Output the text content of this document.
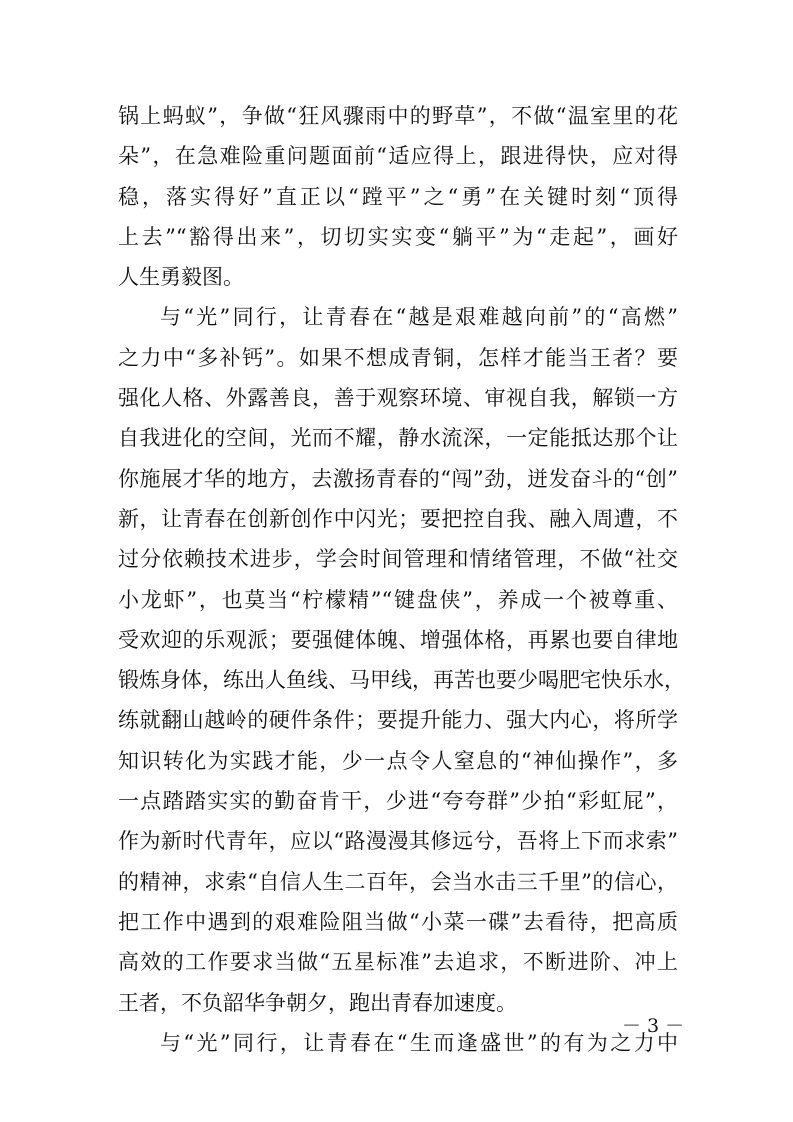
锅上蚂蚁”，争做“狂风骤雨中的野草”，不做“温室里的花
朵”，在急难险重问题面前“适应得上，跟进得快，应对得
稳，落实得好”直正以“蹚平”之“勇”在关键时刻“顶得
上去”“豁得出来”，切切实实变“躺平”为“走起”，画好
人生勇毅图。
与“光”同行，让青春在“越是艰难越向前”的“高燃”
之力中“多补钙”。如果不想成青铜，怎样才能当王者？要
强化人格、外露善良，善于观察环境、审视自我，解锁一方
自我进化的空间，光而不耀，静水流深，一定能抵达那个让
你施展才华的地方，去激扬青春的“闯”劲，迸发奋斗的“创”
新，让青春在创新创作中闪光；要把控自我、融入周遭，不
过分依赖技术进步，学会时间管理和情绪管理，不做“社交
小龙虾”，也莫当“柠檬精”“键盘侠”，养成一个被尊重、
受欢迎的乐观派；要强健体魄、增强体格，再累也要自律地
锻炼身体，练出人鱼线、马甲线，再苦也要少喝肥宅快乐水，
练就翻山越岭的硬件条件；要提升能力、强大内心，将所学
知识转化为实践才能，少一点令人窒息的“神仙操作”，多
一点踏踏实实的勤奋肯干，少进“夸夸群”少拍“彩虹屁”，
作为新时代青年，应以“路漫漫其修远兮，吾将上下而求索”
的精神，求索“自信人生二百年，会当水击三千里”的信心，
把工作中遇到的艰难险阻当做“小菜一碟”去看待，把高质
高效的工作要求当做“五星标准”去追求，不断进阶、冲上
王者，不负韶华争朝夕，跑出青春加速度。
与“光”同行，让青春在“生而逢盛世”的有为之力中
－ 3 －
